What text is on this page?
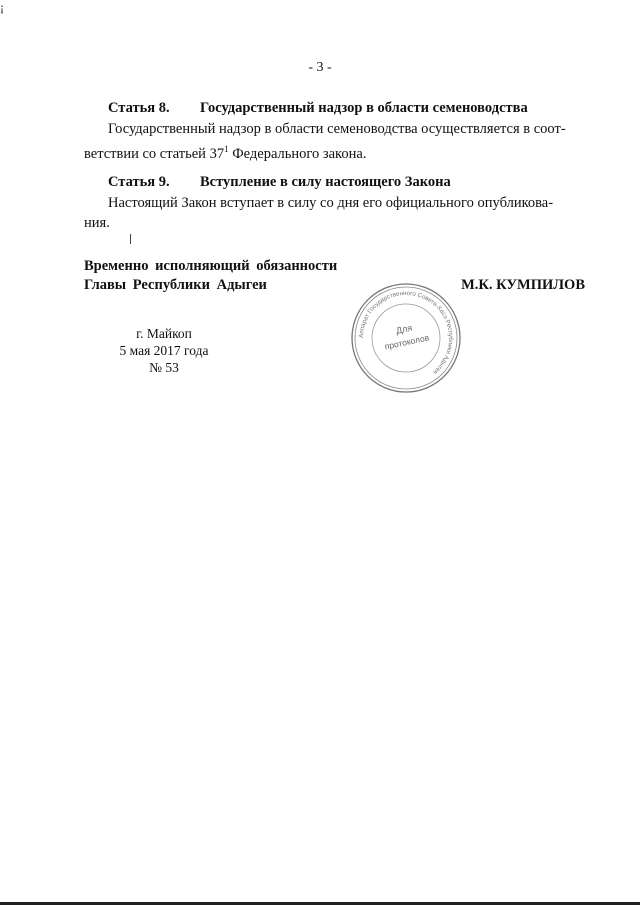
¡
- 3 -
Статья 8. Государственный надзор в области семеноводства
Государственный надзор в области семеноводства осуществляется в соот-
ветствии со статьей $37^1$ Федерального закона.
Статья 9. Вступление в силу настоящего Закона
Настоящий Закон вступает в силу со дня его официального опубликова-
ния.
Временно исполняющий обязанности
Главы Республики Адыгеи	М.К. КУМПИЛОВ
г. Майкоп
5 мая 2017 года
№ 53
Аппарат Государственного Совета-Хасэ Республики Адыгея
Для
протоколов
